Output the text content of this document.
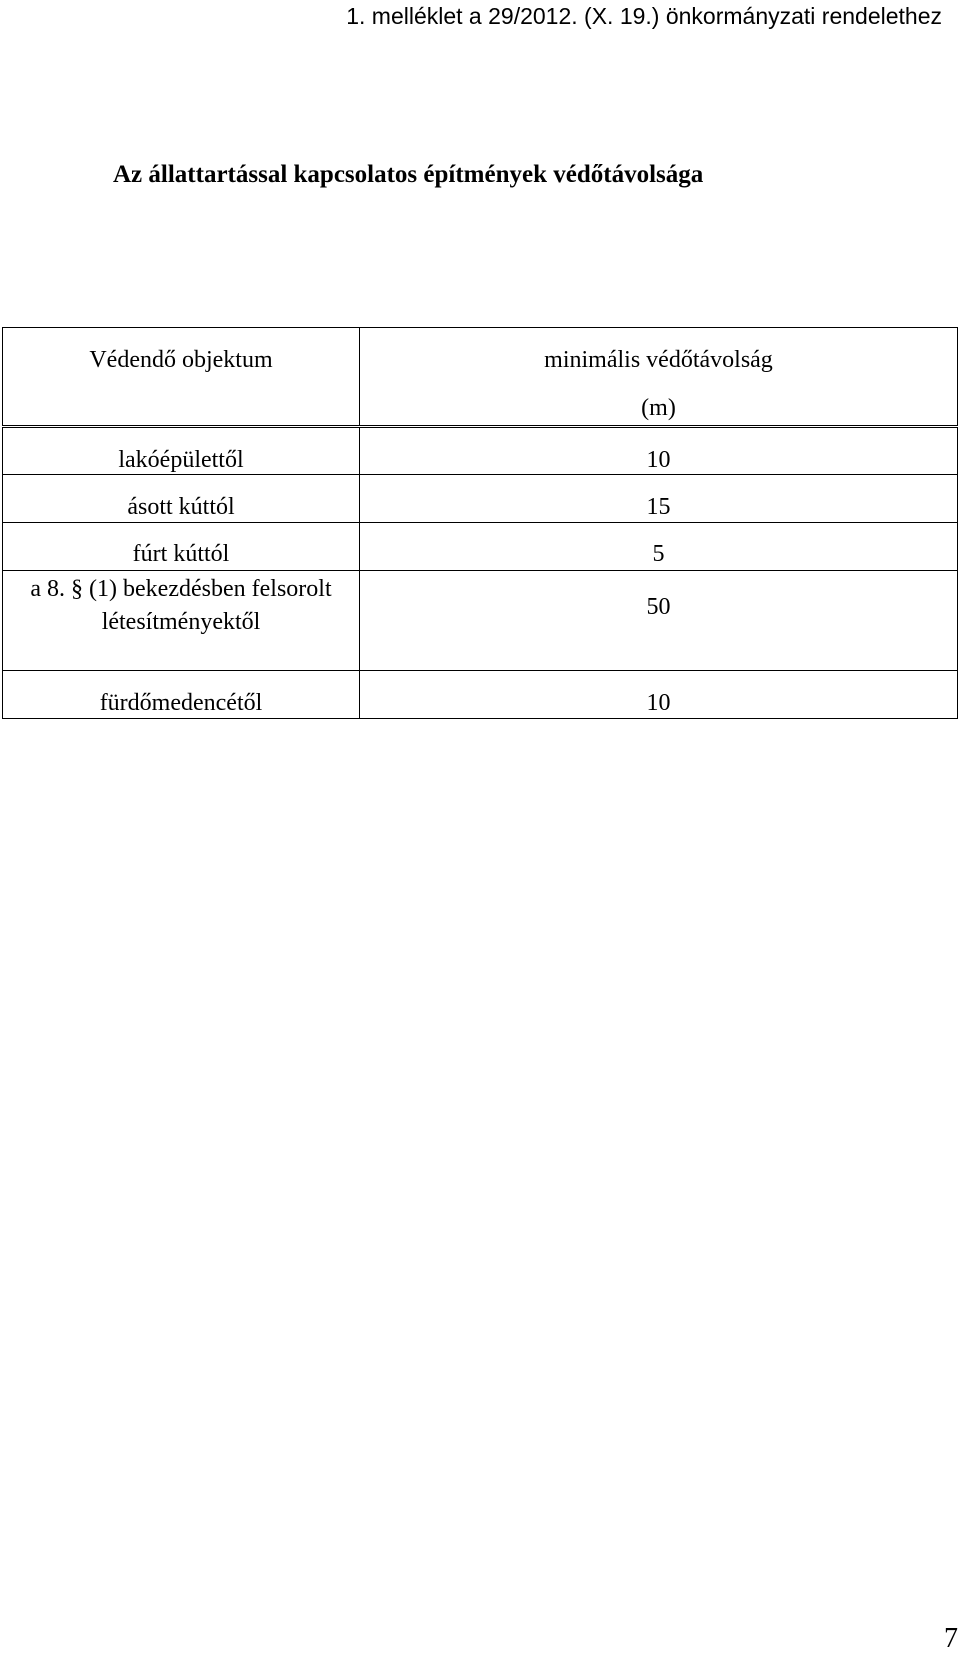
1. melléklet a 29/2012. (X. 19.) önkormányzati rendelethez
Az állattartással kapcsolatos építmények védőtávolsága
Védendő objektum	minimális védőtávolság
(m)

lakóépülettől	10
ásott kúttól	15
fúrt kúttól	5
a 8. § (1) bekezdésben felsorolt létesítményektől	50
fürdőmedencétől	10
7
